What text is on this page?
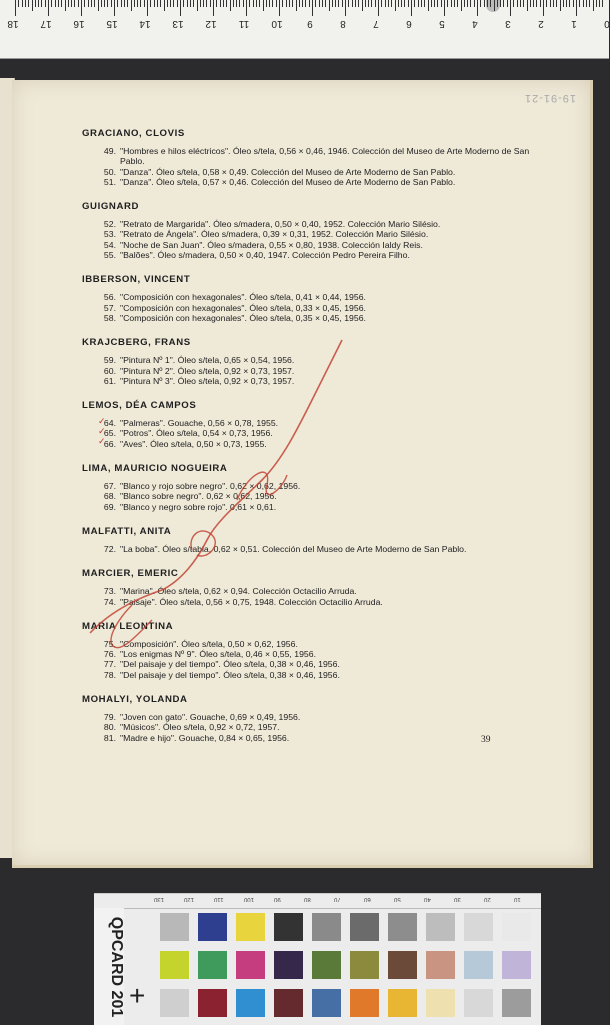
18 17 16 15 14 13 12 11 10 9	8	7	6	5	4	3	2	1	0
19-91-21
GRACIANO, CLOVIS
49. "Hombres e hilos eléctricos". Óleo s/tela, 0,56 × 0,46, 1946. Colección del Museo de Arte Moderno de San Pablo.
50. "Danza". Óleo s/tela, 0,58 × 0,49. Colección del Museo de Arte Moderno de San Pablo.
51. "Danza". Óleo s/tela, 0,57 × 0,46. Colección del Museo de Arte Moderno de San Pablo.
GUIGNARD
52. "Retrato de Margarida". Óleo s/madera, 0,50 × 0,40, 1952. Colección Mario Silésio.
53. "Retrato de Ángela". Óleo s/madera, 0,39 × 0,31, 1952. Colección Mario Silésio.
54. "Noche de San Juan". Óleo s/madera, 0,55 × 0,80, 1938. Colección Ialdy Reis.
55. "Balões". Óleo s/madera, 0,50 × 0,40, 1947. Colección Pedro Pereira Filho.
IBBERSON, VINCENT
56. "Composición con hexagonales". Óleo s/tela, 0,41 × 0,44, 1956.
57. "Composición con hexagonales". Óleo s/tela, 0,33 × 0,45, 1956.
58. "Composición con hexagonales". Óleo s/tela, 0,35 × 0,45, 1956.
KRAJCBERG, FRANS
59. "Pintura Nº 1". Óleo s/tela, 0,65 × 0,54, 1956.
60. "Pintura Nº 2". Óleo s/tela, 0,92 × 0,73, 1957.
61. "Pintura Nº 3". Óleo s/tela, 0,92 × 0,73, 1957.
LEMOS, DÉA CAMPOS
64. "Palmeras". Gouache, 0,56 × 0,78, 1955.
65. "Potros". Óleo s/tela, 0,54 × 0,73, 1956.
66. "Aves". Óleo s/tela, 0,50 × 0,73, 1955.
LIMA, MAURICIO NOGUEIRA
67. "Blanco y rojo sobre negro". 0,62 × 0,62, 1956.
68. "Blanco sobre negro". 0,62 × 0,62, 1956.
69. "Blanco y negro sobre rojo". 0,61 × 0,61.
MALFATTI, ANITA
72. "La boba". Óleo s/tabla, 0,62 × 0,51. Colección del Museo de Arte Moderno de San Pablo.
MARCIER, EMERIC
73. "Marina". Óleo s/tela, 0,62 × 0,94. Colección Octacilio Arruda.
74. "Paisaje". Óleo s/tela, 0,56 × 0,75, 1948. Colección Octacilio Arruda.
MARIA LEONTINA
75. "Composición". Óleo s/tela, 0,50 × 0,62, 1956.
76. "Los enigmas Nº 9". Óleo s/tela, 0,46 × 0,55, 1956.
77. "Del paisaje y del tiempo". Óleo s/tela, 0,38 × 0,46, 1956.
78. "Del paisaje y del tiempo". Óleo s/tela, 0,38 × 0,46, 1956.
MOHALYI, YOLANDA
79. "Joven con gato". Gouache, 0,69 × 0,49, 1956.
80. "Músicos". Óleo s/tela, 0,92 × 0,72, 1957.
81. "Madre e hijo". Gouache, 0,84 × 0,65, 1956.	39
✓
✓
✓
130	120	110	100	90	80	70	60	50	40	30	20	10
QPCARD 201 +
